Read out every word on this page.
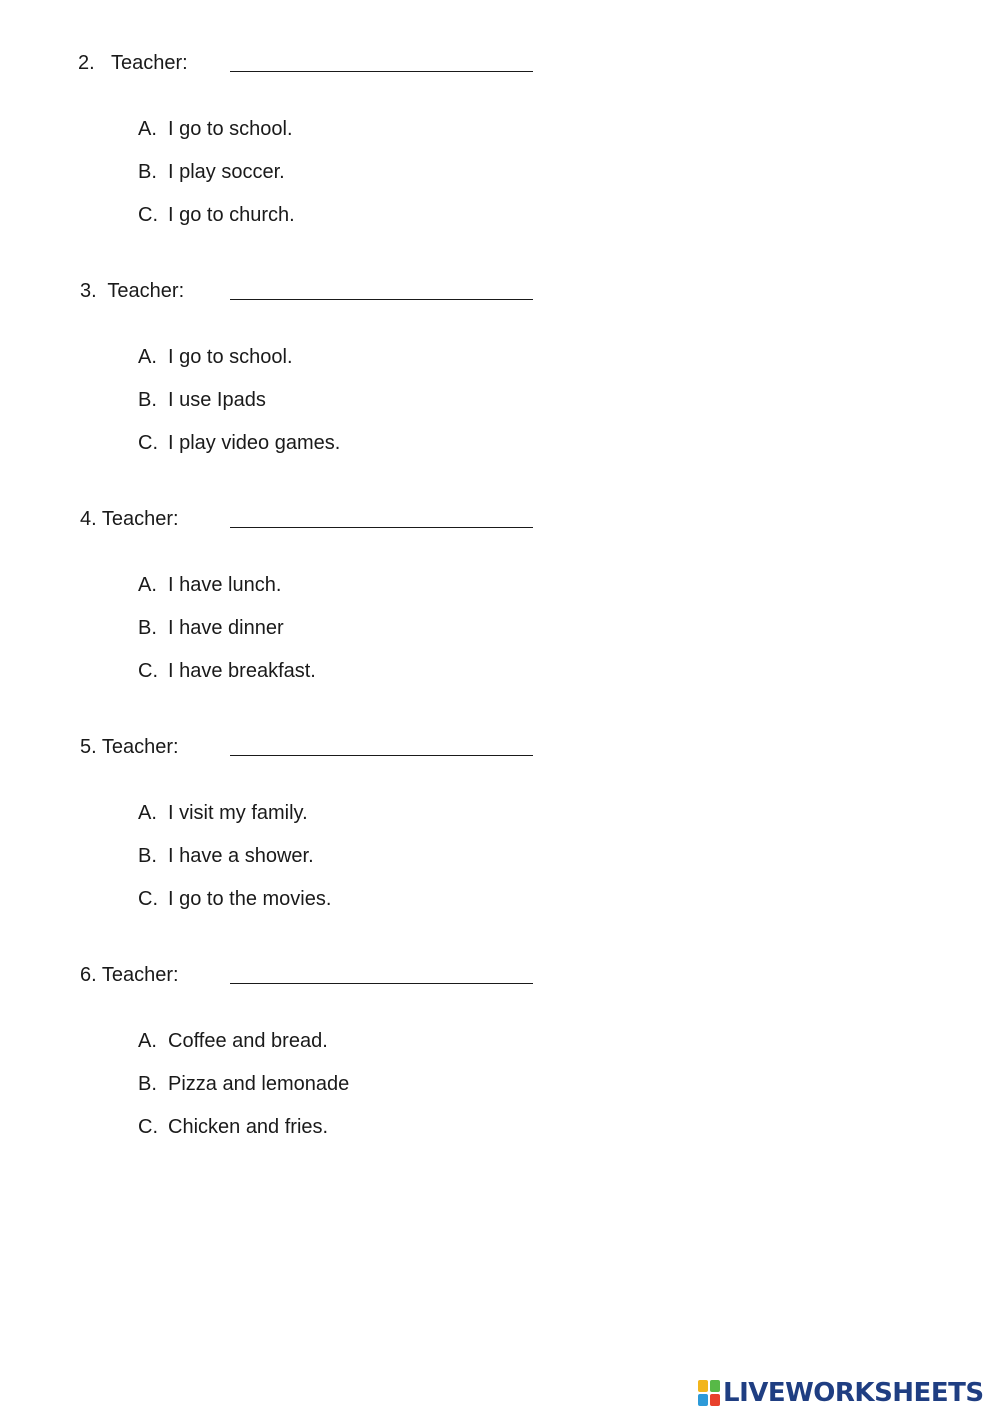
2.   Teacher:
A. I go to school.
B. I play soccer.
C. I go to church.
3.  Teacher:
A. I go to school.
B. I use Ipads
C. I play video games.
4. Teacher:
A. I have lunch.
B. I have dinner
C. I have breakfast.
5. Teacher:
A. I visit my family.
B. I have a shower.
C. I go to the movies.
6. Teacher:
A. Coffee and bread.
B. Pizza and lemonade
C. Chicken and fries.
LIVEWORKSHEETS
